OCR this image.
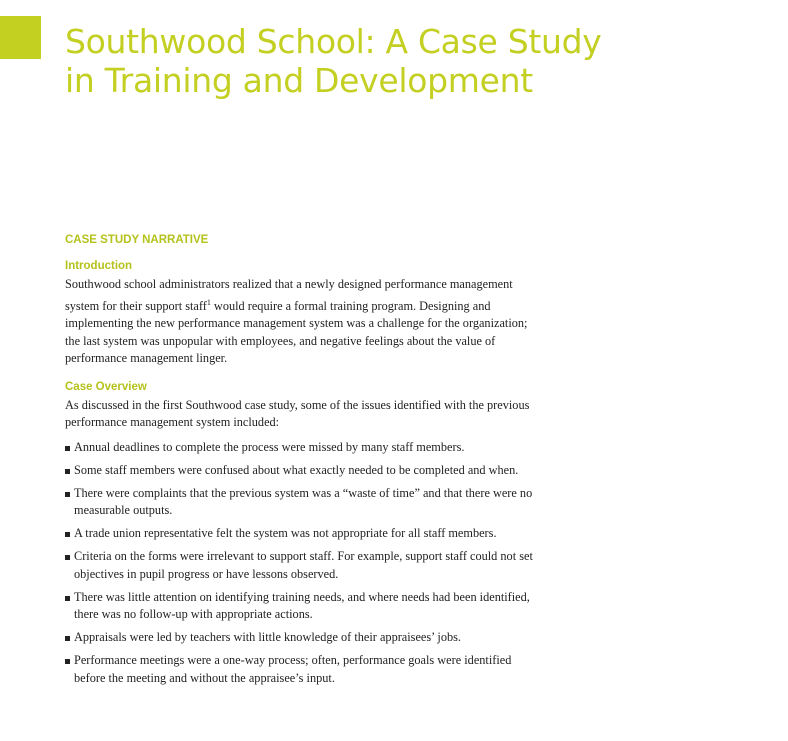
Southwood School: A Case Study
in Training and Development
CASE STUDY NARRATIVE
Introduction

Southwood school administrators realized that a newly designed performance management system for their support staff$^1$ would require a formal training program. Designing and implementing the new performance management system was a challenge for the organization; the last system was unpopular with employees, and negative feelings about the value of performance management linger.

Case Overview

As discussed in the first Southwood case study, some of the issues identified with the previous performance management system included:

Annual deadlines to complete the process were missed by many staff members.
Some staff members were confused about what exactly needed to be completed and when.
There were complaints that the previous system was a “waste of time” and that there were no measurable outputs.
A trade union representative felt the system was not appropriate for all staff members.
Criteria on the forms were irrelevant to support staff. For example, support staff could not set objectives in pupil progress or have lessons observed.
There was little attention on identifying training needs, and where needs had been identified, there was no follow-up with appropriate actions.
Appraisals were led by teachers with little knowledge of their appraisees’ jobs.
Performance meetings were a one-way process; often, performance goals were identified before the meeting and without the appraisee’s input.
